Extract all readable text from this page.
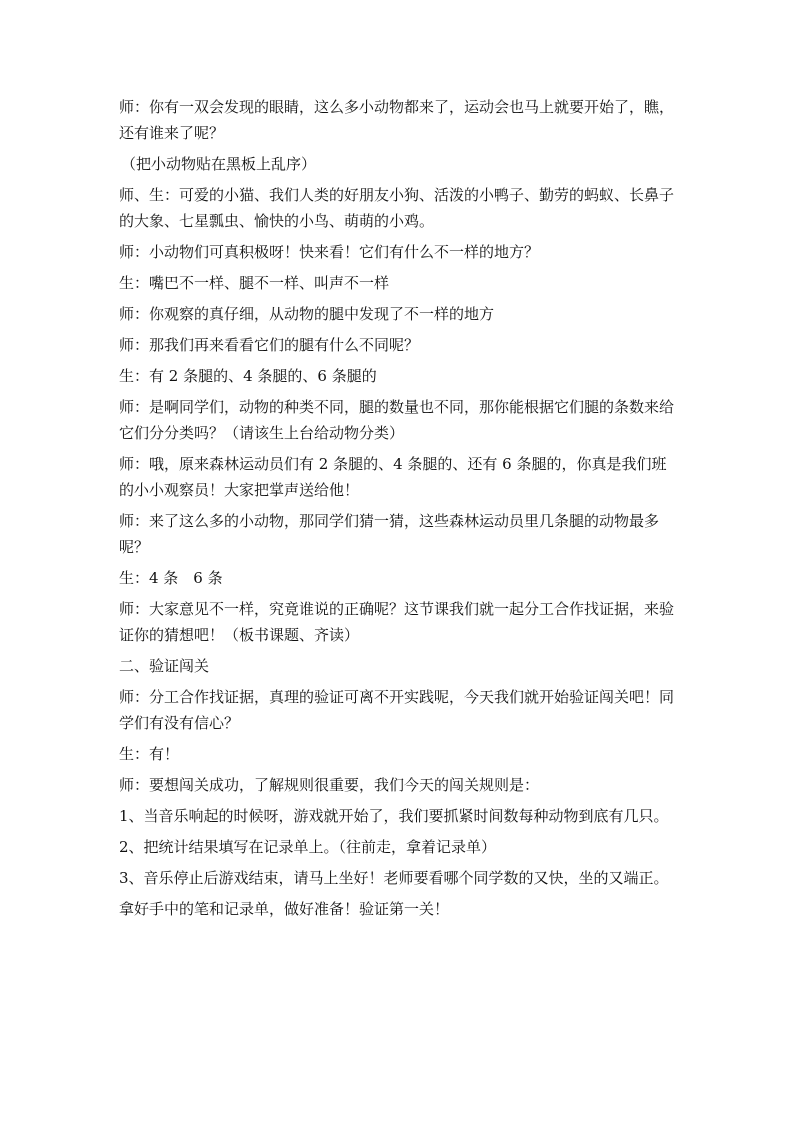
师：你有一双会发现的眼睛，这么多小动物都来了，运动会也马上就要开始了，瞧，还有谁来了呢？

（把小动物贴在黑板上乱序）

师、生：可爱的小猫、我们人类的好朋友小狗、活泼的小鸭子、勤劳的蚂蚁、长鼻子的大象、七星瓢虫、愉快的小鸟、萌萌的小鸡。

师：小动物们可真积极呀！快来看！它们有什么不一样的地方？

生：嘴巴不一样、腿不一样、叫声不一样

师：你观察的真仔细，从动物的腿中发现了不一样的地方

师：那我们再来看看它们的腿有什么不同呢？

生：有 2 条腿的、4 条腿的、6 条腿的

师：是啊同学们，动物的种类不同，腿的数量也不同，那你能根据它们腿的条数来给它们分分类吗？（请该生上台给动物分类）

师：哦，原来森林运动员们有 2 条腿的、4 条腿的、还有 6 条腿的，你真是我们班的小小观察员！大家把掌声送给他！

师：来了这么多的小动物，那同学们猜一猜，这些森林运动员里几条腿的动物最多呢？

生：4 条　6 条

师：大家意见不一样，究竟谁说的正确呢？这节课我们就一起分工合作找证据，来验证你的猜想吧！（板书课题、齐读）

二、验证闯关

师：分工合作找证据，真理的验证可离不开实践呢，今天我们就开始验证闯关吧！同学们有没有信心？

生：有！

师：要想闯关成功，了解规则很重要，我们今天的闯关规则是：

1、当音乐响起的时候呀，游戏就开始了，我们要抓紧时间数每种动物到底有几只。

2、把统计结果填写在记录单上。（往前走，拿着记录单）

3、音乐停止后游戏结束，请马上坐好！老师要看哪个同学数的又快，坐的又端正。

拿好手中的笔和记录单，做好准备！验证第一关！
